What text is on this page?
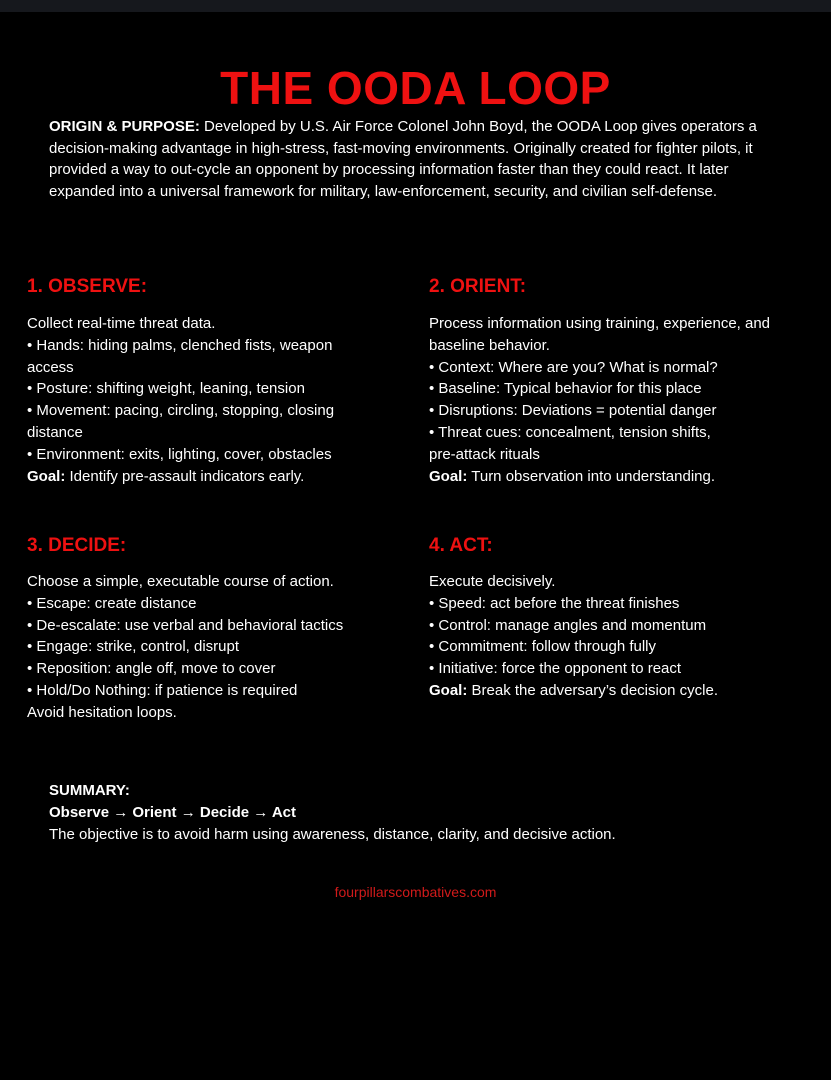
THE OODA LOOP

ORIGIN & PURPOSE: Developed by U.S. Air Force Colonel John Boyd, the OODA Loop gives operators a decision-making advantage in high-stress, fast-moving environments. Originally created for fighter pilots, it provided a way to out-cycle an opponent by processing information faster than they could react. It later expanded into a universal framework for military, law-enforcement, security, and civilian self-defense.

1. OBSERVE:
Collect real-time threat data.
• Hands: hiding palms, clenched fists, weapon
access
• Posture: shifting weight, leaning, tension
• Movement: pacing, circling, stopping, closing
distance
• Environment: exits, lighting, cover, obstacles
Goal: Identify pre-assault indicators early.
2. ORIENT:
Process information using training, experience, and
baseline behavior.
• Context: Where are you? What is normal?
• Baseline: Typical behavior for this place
• Disruptions: Deviations = potential danger
• Threat cues: concealment, tension shifts,
pre-attack rituals
Goal: Turn observation into understanding.
3. DECIDE:
Choose a simple, executable course of action.
• Escape: create distance
• De-escalate: use verbal and behavioral tactics
• Engage: strike, control, disrupt
• Reposition: angle off, move to cover
• Hold/Do Nothing: if patience is required
Avoid hesitation loops.
4. ACT:
Execute decisively.
• Speed: act before the threat finishes
• Control: manage angles and momentum
• Commitment: follow through fully
• Initiative: force the opponent to react
Goal: Break the adversary’s decision cycle.
SUMMARY:
Observe → Orient → Decide → Act
The objective is to avoid harm using awareness, distance, clarity, and decisive action.
fourpillarscombatives.com
